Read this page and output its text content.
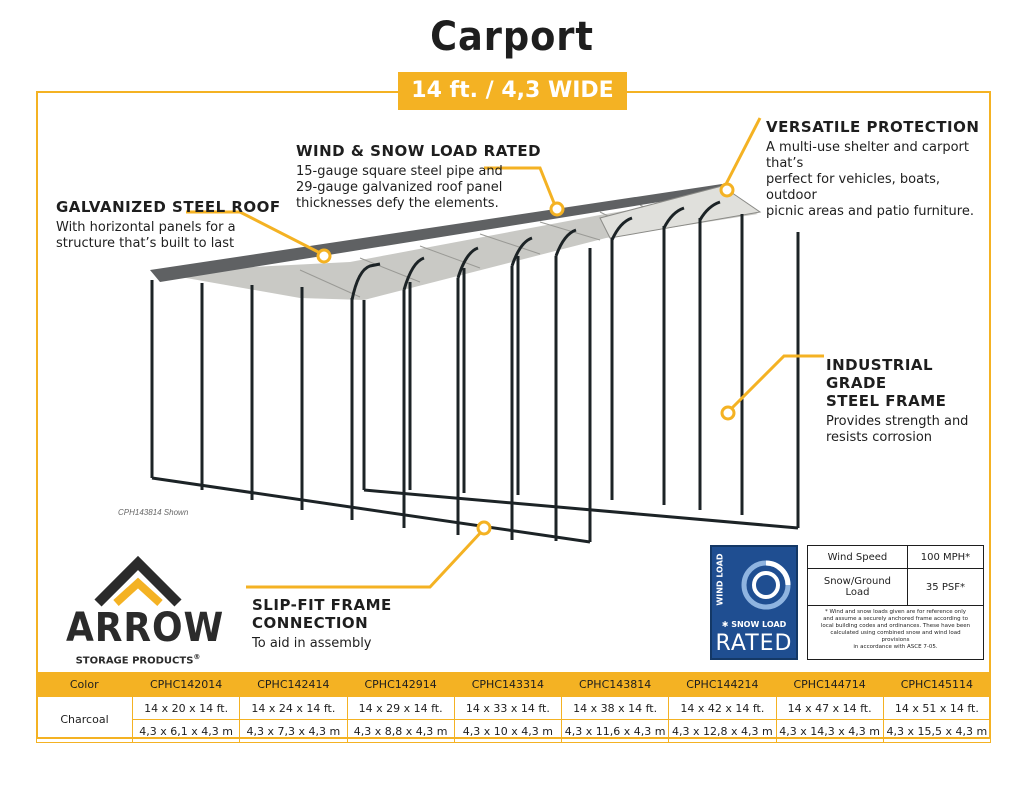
Carport
14 ft. / 4,3 WIDE
CPH143814 Shown
GALVANIZED STEEL ROOF

With horizontal panels for a

structure that’s built to last

WIND & SNOW LOAD RATED

15-gauge square steel pipe and

29-gauge galvanized roof panel

thicknesses defy the elements.

VERSATILE PROTECTION

A multi-use shelter and carport that’s

perfect for vehicles, boats, outdoor

picnic areas and patio furniture.

INDUSTRIAL GRADE
STEEL FRAME

Provides strength and

resists corrosion

SLIP-FIT FRAME CONNECTION

To aid in assembly

ARROW
STORAGE PRODUCTS®
WIND LOAD
✱ SNOW LOAD
RATED
Wind Speed	100 MPH*

Snow/Ground
Load	35 PSF*
* Wind and snow loads given are for reference only
and assume a securely anchored frame according to
local building codes and ordinances. These have been
calculated using combined snow and wind load provisions
in accordance with ASCE 7-05.
Color	CPHC142014	CPHC142414	CPHC142914	CPHC143314	CPHC143814	CPHC144214	CPHC144714	CPHC145114
Charcoal	14 x 20 x 14 ft.	14 x 24 x 14 ft.	14 x 29 x 14 ft.	14 x 33 x 14 ft.	14 x 38 x 14 ft.	14 x 42 x 14 ft.	14 x 47 x 14 ft.	14 x 51 x 14 ft.
	4,3 x 6,1 x 4,3 m	4,3 x 7,3 x 4,3 m	4,3 x 8,8 x 4,3 m	4,3 x 10 x 4,3 m	4,3 x 11,6 x 4,3 m	4,3 x 12,8 x 4,3 m	4,3 x 14,3 x 4,3 m	4,3 x 15,5 x 4,3 m
